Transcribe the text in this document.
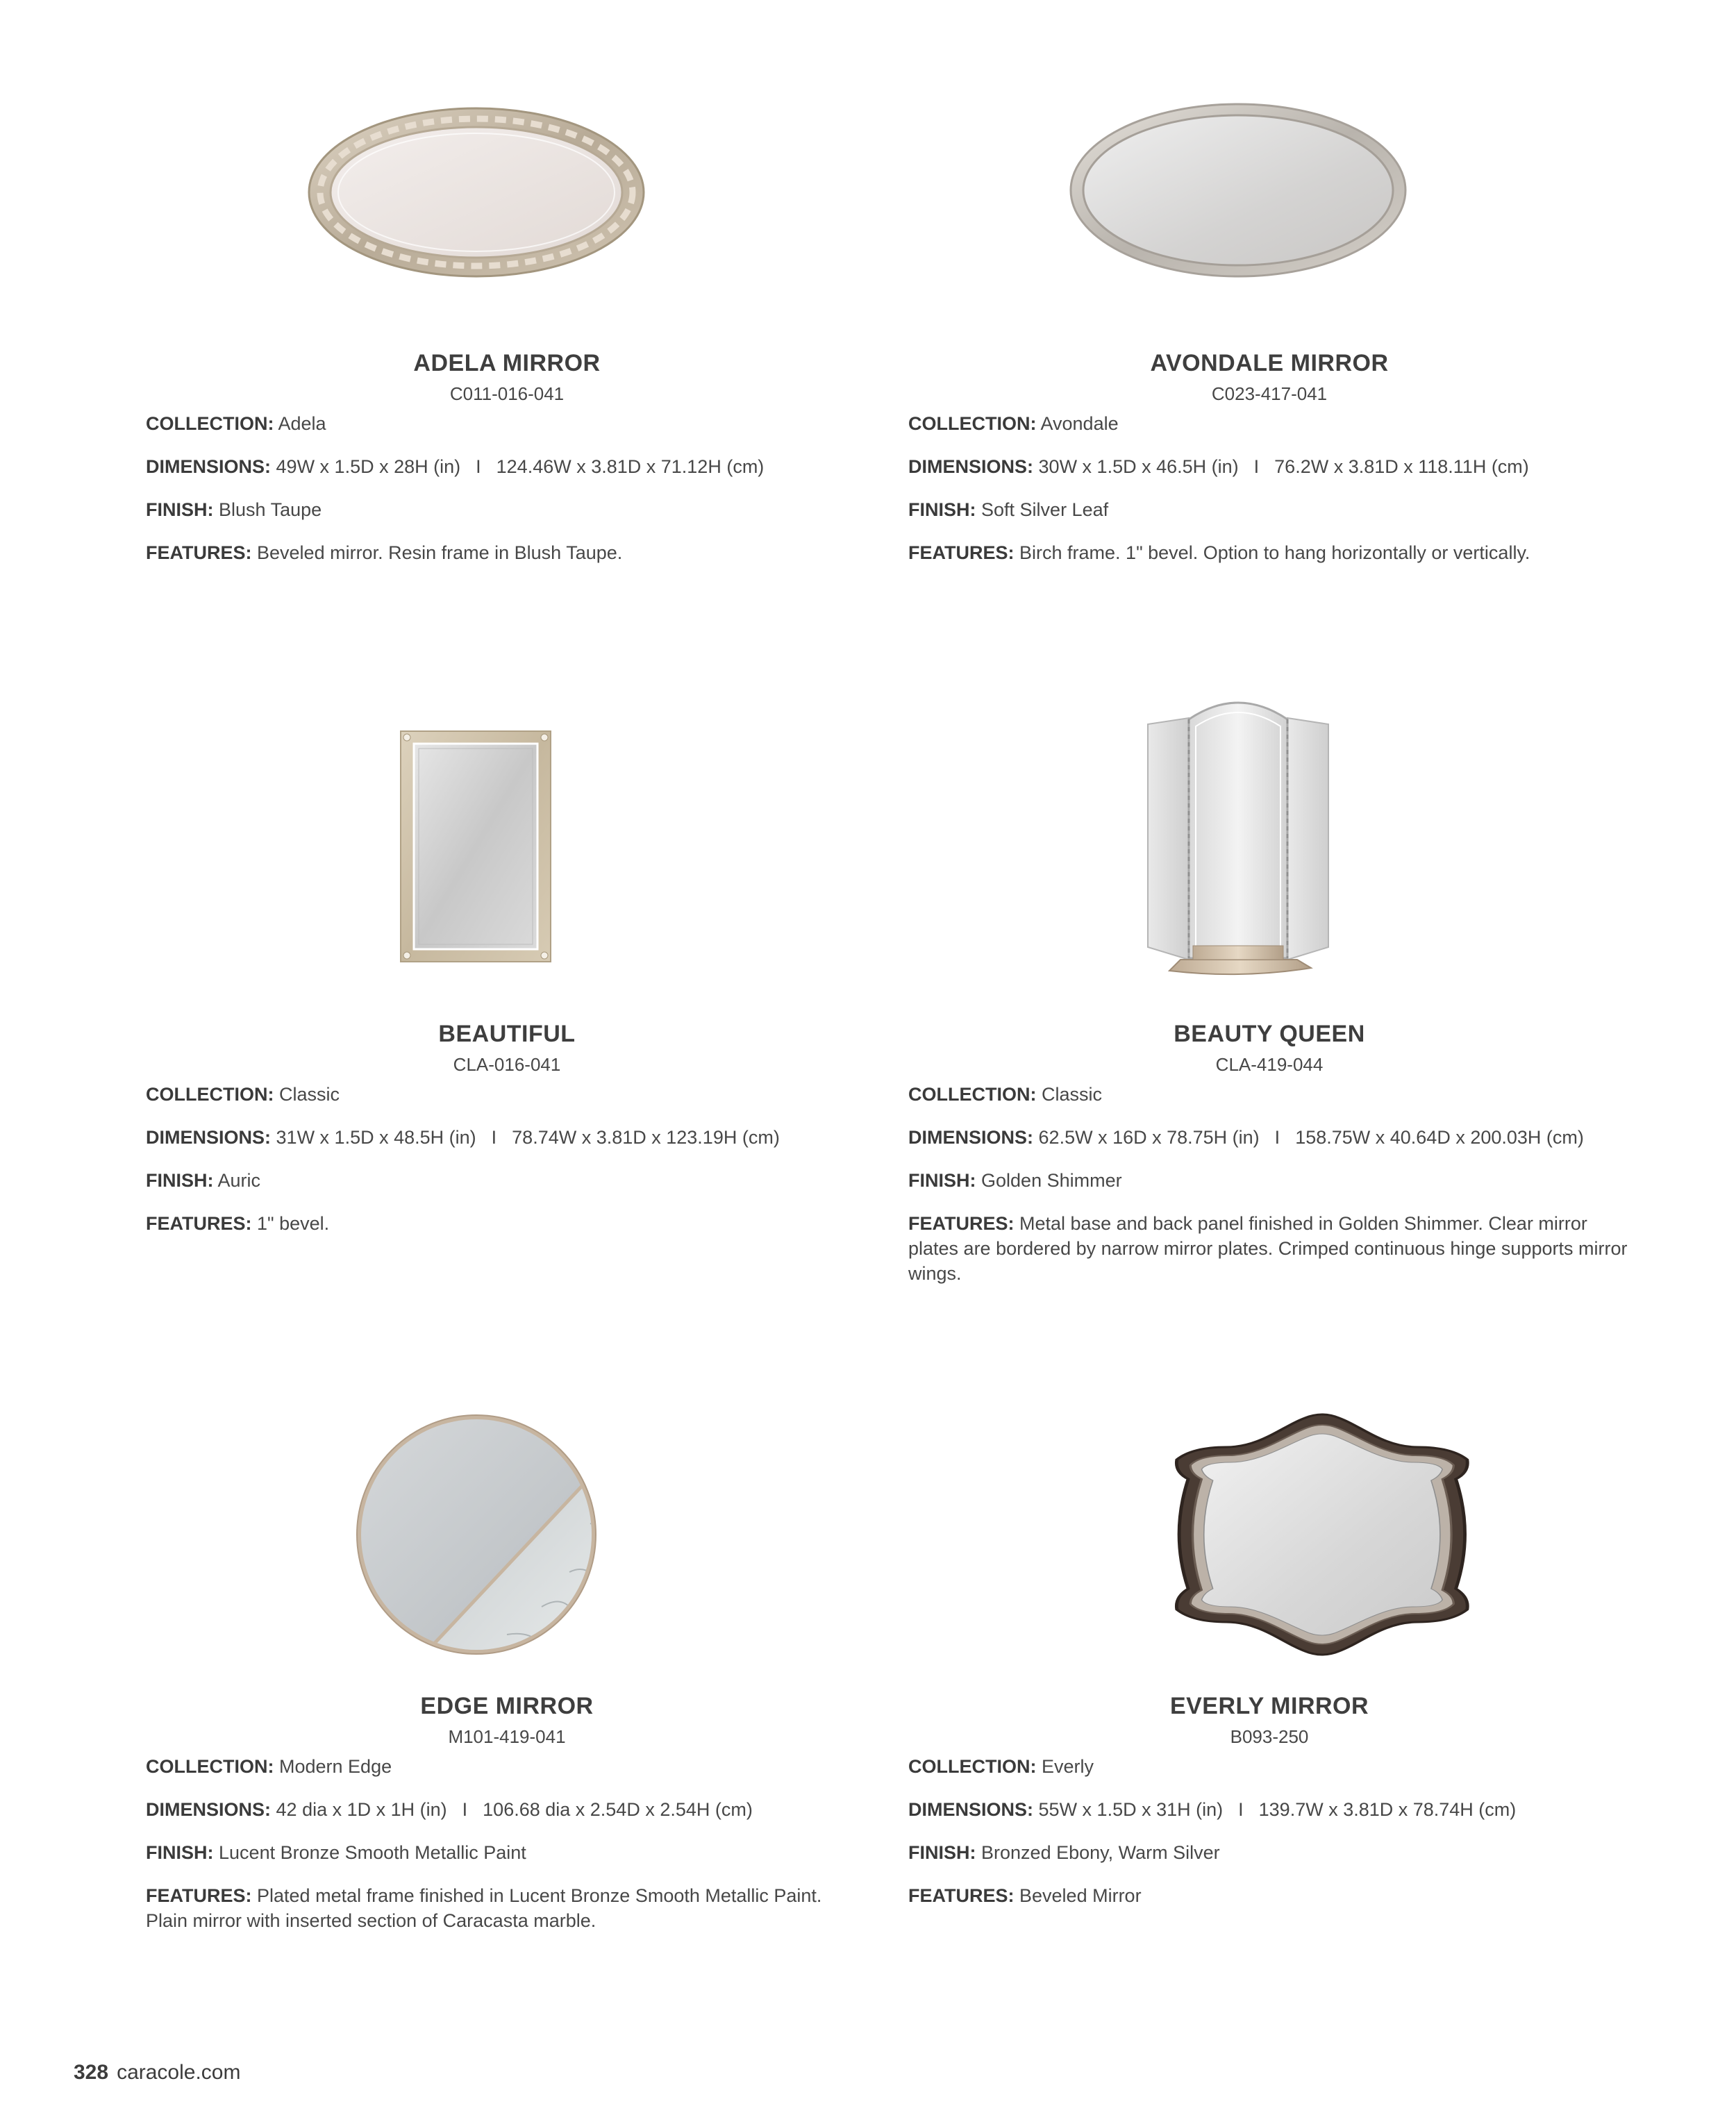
ADELA MIRROR
C011-016-041
COLLECTION: Adela
DIMENSIONS: 49W x 1.5D x 28H (in) I 124.46W x 3.81D x 71.12H (cm)
FINISH: Blush Taupe
FEATURES: Beveled mirror. Resin frame in Blush Taupe.
AVONDALE MIRROR
C023-417-041
COLLECTION: Avondale
DIMENSIONS: 30W x 1.5D x 46.5H (in) I 76.2W x 3.81D x 118.11H (cm)
FINISH: Soft Silver Leaf
FEATURES: Birch frame. 1" bevel. Option to hang horizontally or vertically.
BEAUTIFUL
CLA-016-041
COLLECTION: Classic
DIMENSIONS: 31W x 1.5D x 48.5H (in) I 78.74W x 3.81D x 123.19H (cm)
FINISH: Auric
FEATURES: 1" bevel.
BEAUTY QUEEN
CLA-419-044
COLLECTION: Classic
DIMENSIONS: 62.5W x 16D x 78.75H (in) I 158.75W x 40.64D x 200.03H (cm)
FINISH: Golden Shimmer
FEATURES: Metal base and back panel finished in Golden Shimmer. Clear mirror plates are bordered by narrow mirror plates. Crimped continuous hinge supports mirror wings.
EDGE MIRROR
M101-419-041
COLLECTION: Modern Edge
DIMENSIONS: 42 dia x 1D x 1H (in) I 106.68 dia x 2.54D x 2.54H (cm)
FINISH: Lucent Bronze Smooth Metallic Paint
FEATURES: Plated metal frame finished in Lucent Bronze Smooth Metallic Paint. Plain mirror with inserted section of Caracasta marble.
EVERLY MIRROR
B093-250
COLLECTION: Everly
DIMENSIONS: 55W x 1.5D x 31H (in) I 139.7W x 3.81D x 78.74H (cm)
FINISH: Bronzed Ebony, Warm Silver
FEATURES: Beveled Mirror
328 caracole.com
